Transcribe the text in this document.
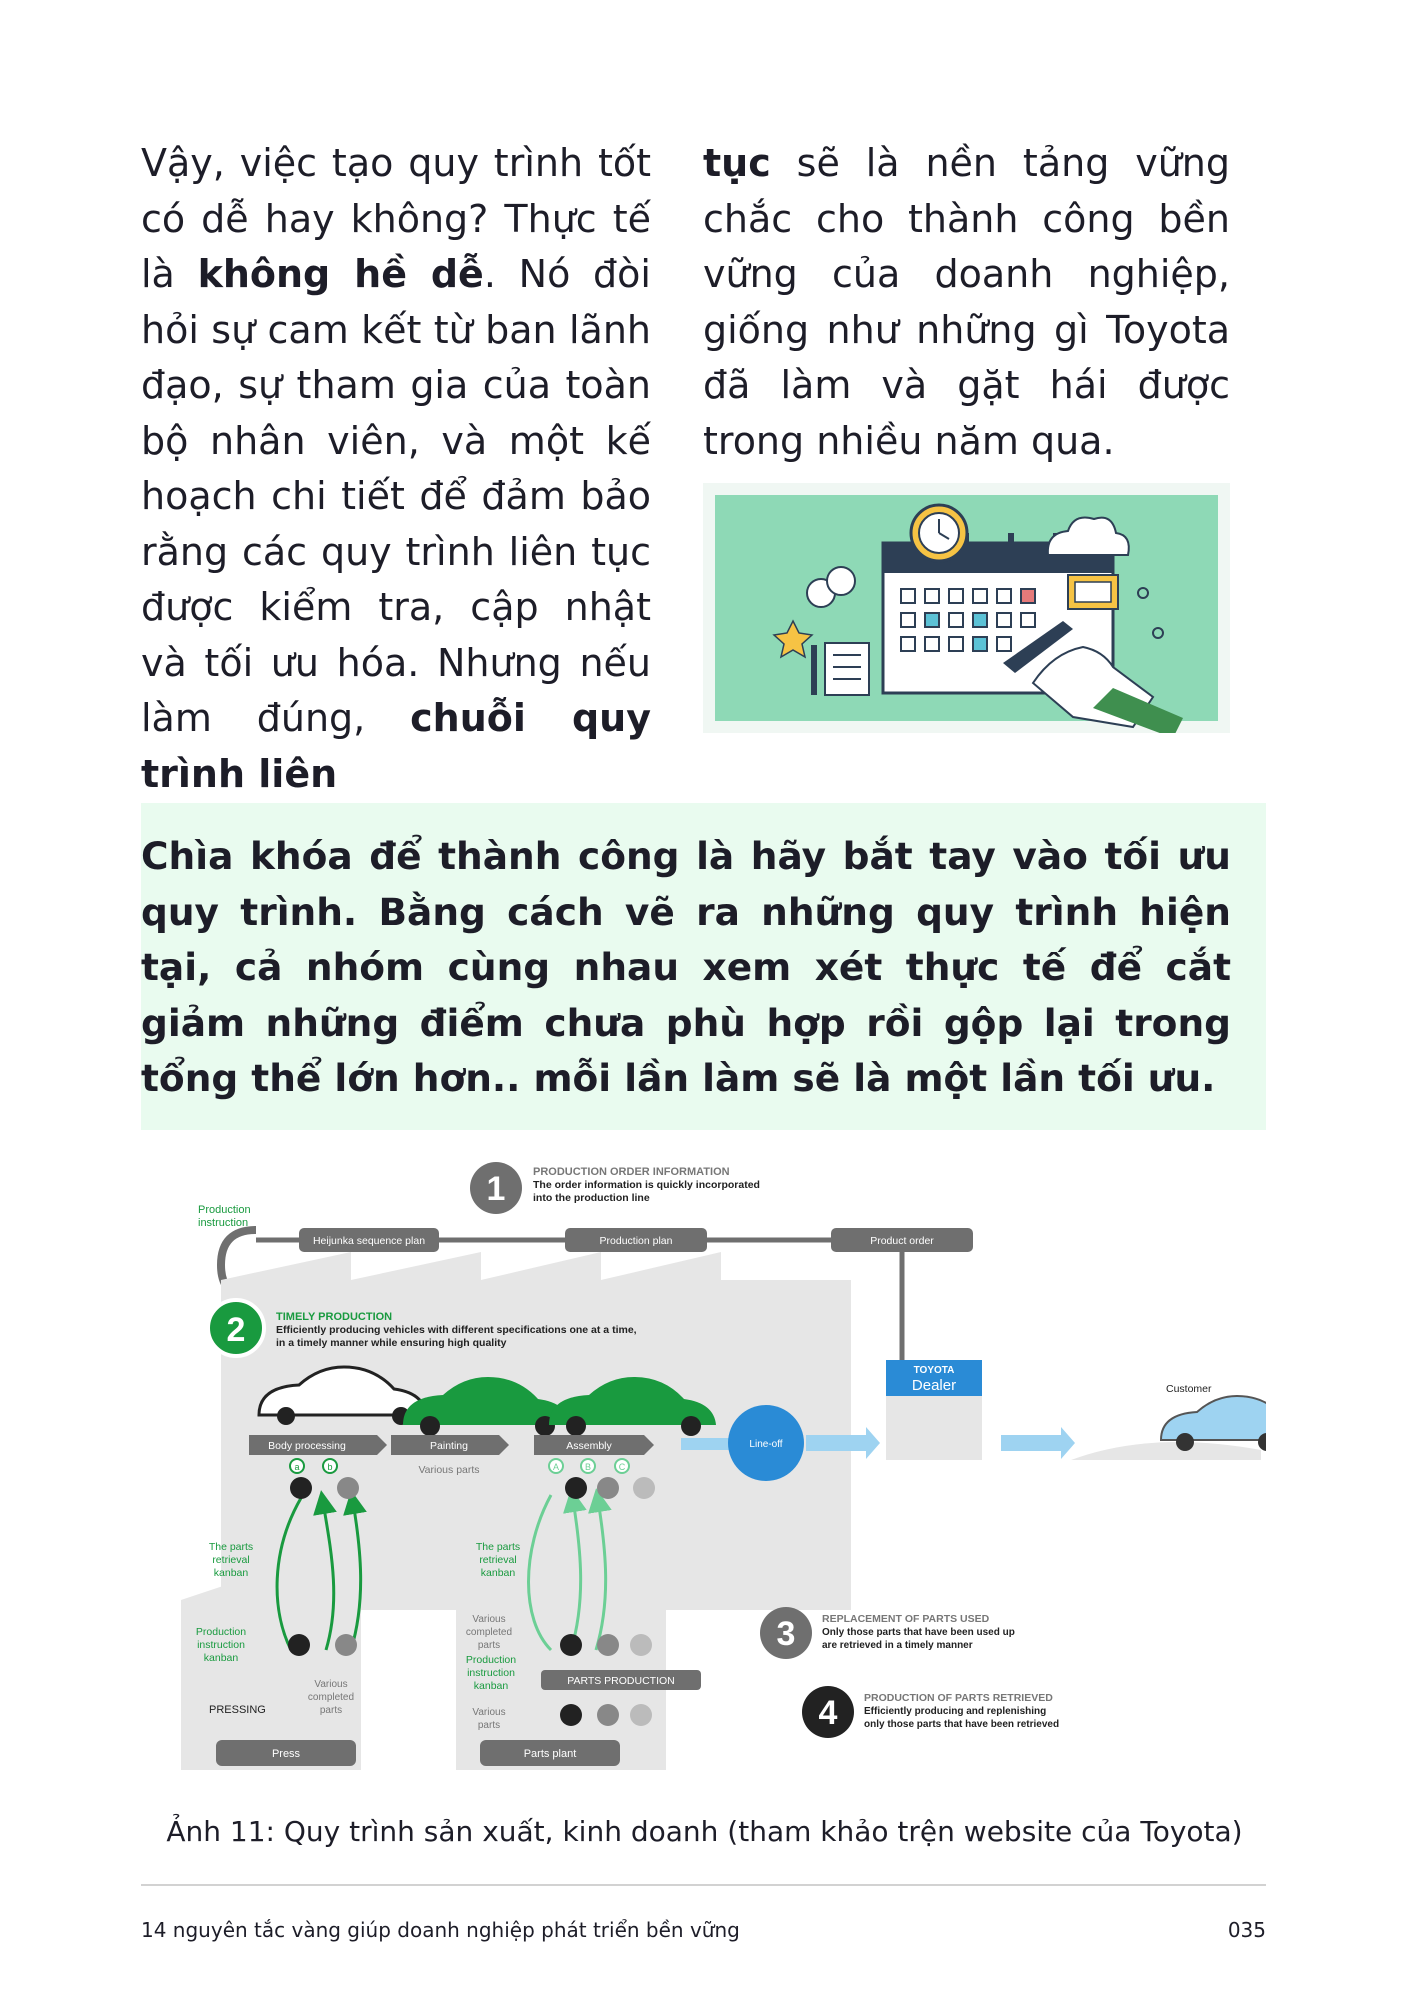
Vậy, việc tạo quy trình tốt có dễ hay không? Thực tế là không hề dễ. Nó đòi hỏi sự cam kết từ ban lãnh đạo, sự tham gia của toàn bộ nhân viên, và một kế hoạch chi tiết để đảm bảo rằng các quy trình liên tục được kiểm tra, cập nhật và tối ưu hóa. Nhưng nếu làm đúng, chuỗi quy trình liên

tục sẽ là nền tảng vững chắc cho thành công bền vững của doanh nghiệp, giống như những gì Toyota đã làm và gặt hái được trong nhiều năm qua.

Chìa khóa để thành công là hãy bắt tay vào tối ưu quy trình. Bằng cách vẽ ra những quy trình hiện tại, cả nhóm cùng nhau xem xét thực tế để cắt giảm những điểm chưa phù hợp rồi gộp lại trong tổng thể lớn hơn.. mỗi lần làm sẽ là một lần tối ưu.

1	PRODUCTION ORDER INFORMATION
The order information is quickly incorporated
into the production line
Production
instruction
Heijunka sequence plan	Production plan	Product order
2	TIMELY PRODUCTION
Efficiently producing vehicles with different specifications one at a time,
in a timely manner while ensuring high quality
Body processing	Painting	Assembly
Various parts
Line-off
TOYOTA
Dealer	Customer
Press
PRESSING
Various
completed
parts
Parts plant
PARTS PRODUCTION
Various
completed
parts
Various
parts
The parts
retrieval
kanban
Production
instruction
kanban
The parts
retrieval
kanban
Production
instruction
kanban
a	b	A	B	C
3	REPLACEMENT OF PARTS USED
Only those parts that have been used up
are retrieved in a timely manner
4	PRODUCTION OF PARTS RETRIEVED
Efficiently producing and replenishing
only those parts that have been retrieved
Ảnh 11: Quy trình sản xuất, kinh doanh (tham khảo trện website của Toyota)
14 nguyên tắc vàng giúp doanh nghiệp phát triển bền vững	035
